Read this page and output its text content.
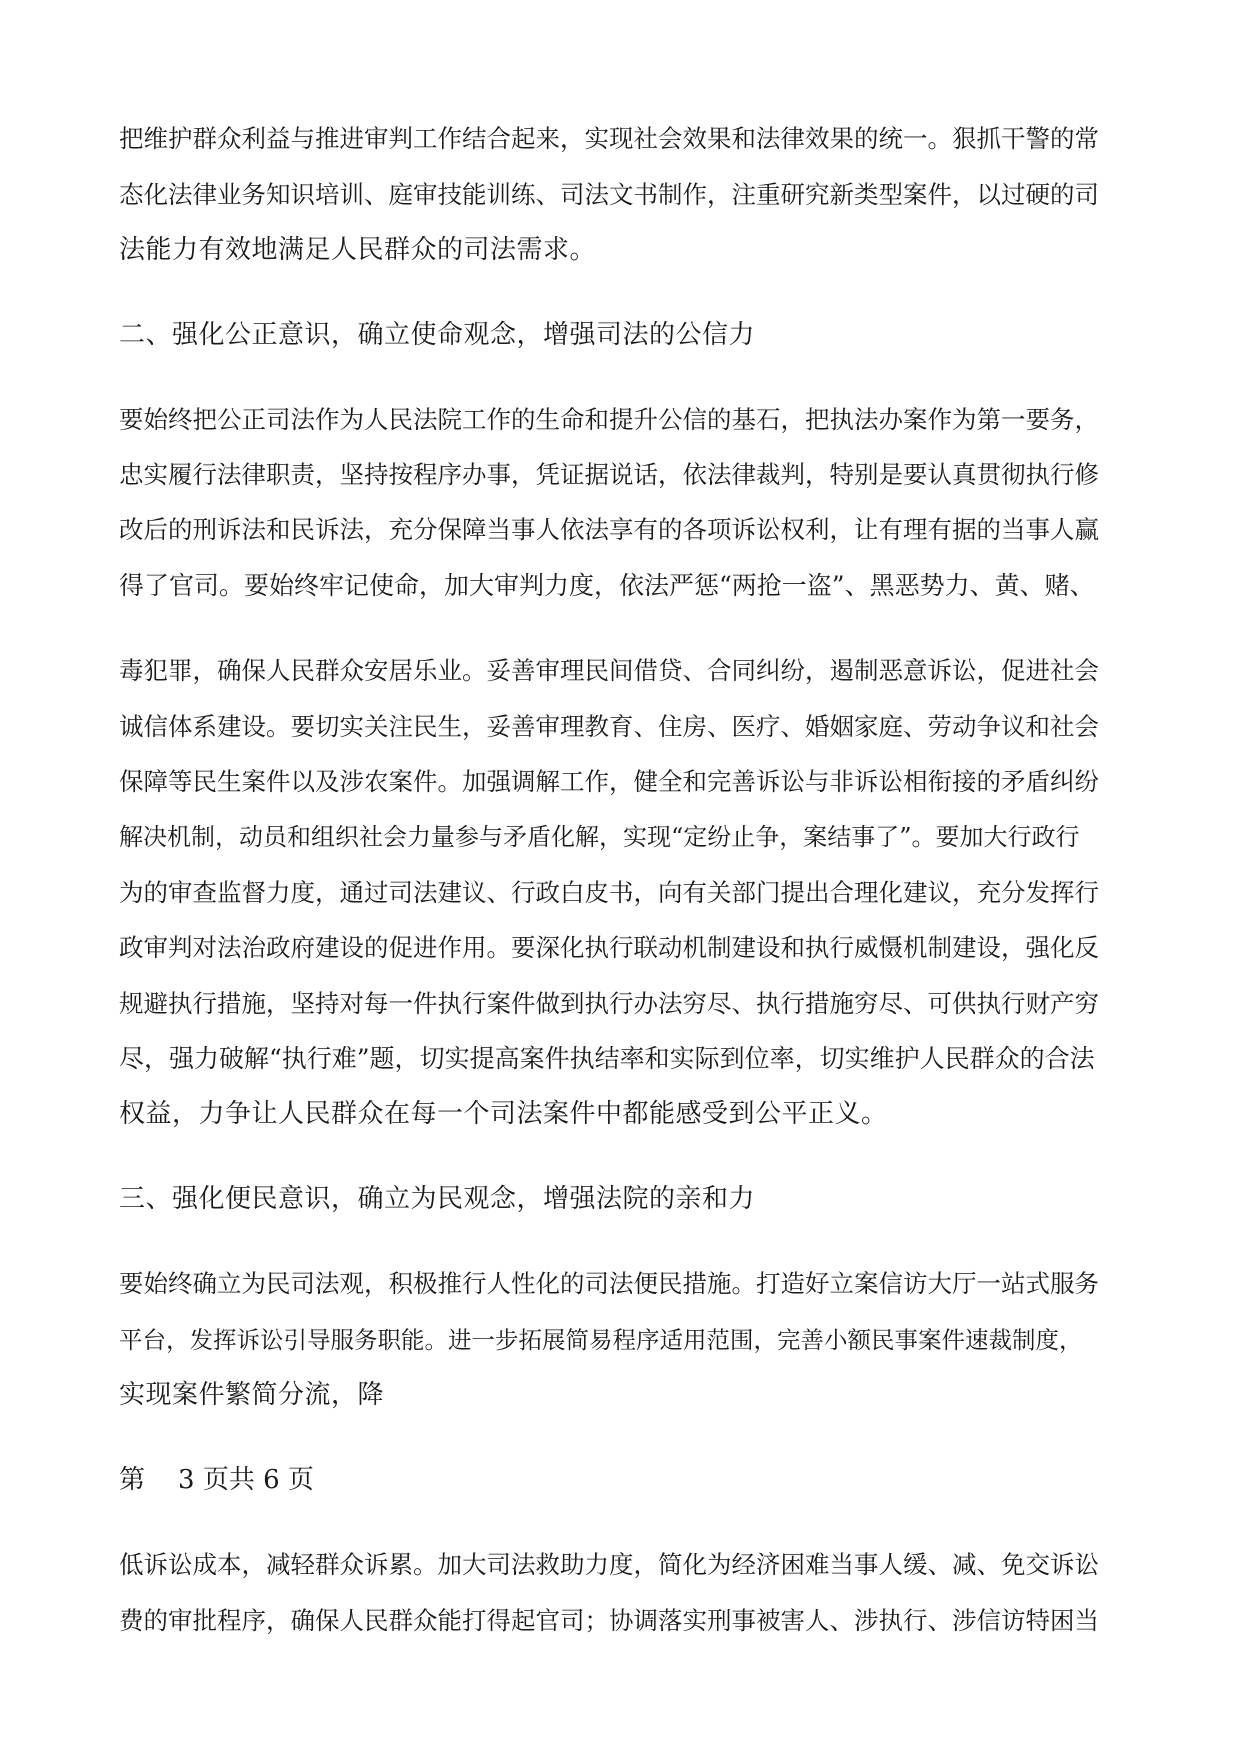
把维护群众利益与推进审判工作结合起来，实现社会效果和法律效果的统一。狠抓干警的常
态化法律业务知识培训、庭审技能训练、司法文书制作，注重研究新类型案件，以过硬的司
法能力有效地满足人民群众的司法需求。
二、强化公正意识，确立使命观念，增强司法的公信力
要始终把公正司法作为人民法院工作的生命和提升公信的基石，把执法办案作为第一要务，
忠实履行法律职责，坚持按程序办事，凭证据说话，依法律裁判，特别是要认真贯彻执行修
改后的刑诉法和民诉法，充分保障当事人依法享有的各项诉讼权利，让有理有据的当事人赢
得了官司。要始终牢记使命，加大审判力度，依法严惩“两抢一盗”、黑恶势力、黄、赌、
毒犯罪，确保人民群众安居乐业。妥善审理民间借贷、合同纠纷，遏制恶意诉讼，促进社会
诚信体系建设。要切实关注民生，妥善审理教育、住房、医疗、婚姻家庭、劳动争议和社会
保障等民生案件以及涉农案件。加强调解工作，健全和完善诉讼与非诉讼相衔接的矛盾纠纷
解决机制，动员和组织社会力量参与矛盾化解，实现“定纷止争，案结事了”。要加大行政行
为的审查监督力度，通过司法建议、行政白皮书，向有关部门提出合理化建议，充分发挥行
政审判对法治政府建设的促进作用。要深化执行联动机制建设和执行威慑机制建设，强化反
规避执行措施，坚持对每一件执行案件做到执行办法穷尽、执行措施穷尽、可供执行财产穷
尽，强力破解“执行难”题，切实提高案件执结率和实际到位率，切实维护人民群众的合法
权益，力争让人民群众在每一个司法案件中都能感受到公平正义。
三、强化便民意识，确立为民观念，增强法院的亲和力
要始终确立为民司法观，积极推行人性化的司法便民措施。打造好立案信访大厅一站式服务
平台，发挥诉讼引导服务职能。进一步拓展简易程序适用范围，完善小额民事案件速裁制度，
实现案件繁简分流，降
第    3 页共 6 页
低诉讼成本，减轻群众诉累。加大司法救助力度，简化为经济困难当事人缓、减、免交诉讼
费的审批程序，确保人民群众能打得起官司；协调落实刑事被害人、涉执行、涉信访特困当
